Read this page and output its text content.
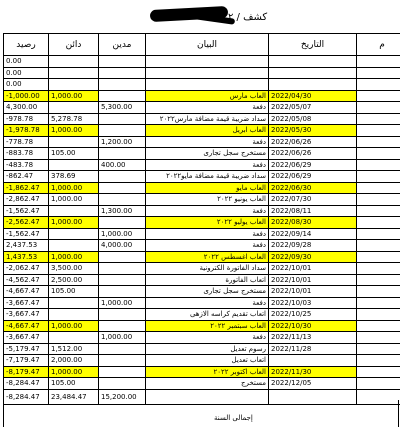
كشف / ٢
رصيد	دائن	مدين	البيان	التاريخ	م
0.00					
0.00					
0.00					
-1,000.00	1,000.00		العاب مارس	2022/04/30	
4,300.00		5,300.00	دفعة	2022/05/07	
-978.78	5,278.78		سداد ضريبة قيمة مضافة مارس٢٠٢٢	2022/05/08	
-1,978.78	1,000.00		العاب ابريل	2022/05/30	
-778.78		1,200.00	دفعة	2022/06/26	
-883.78	105.00		مستخرج سجل تجارى	2022/06/26	
-483.78		400.00	دفعة	2022/06/29	
-862.47	378.69		سداد ضريبة قيمة مضافة مايو٢٠٢٢	2022/06/29	
-1,862.47	1,000.00		العاب مايو	2022/06/30	
-2,862.47	1,000.00		العاب يونيو ٢٠٢٢	2022/07/30	
-1,562.47		1,300.00	دفعة	2022/08/11	
-2,562.47	1,000.00		العاب يوليو ٢٠٢٢	2022/08/30	
-1,562.47		1,000.00	دفعة	2022/09/14	
2,437.53		4,000.00	دفعة	2022/09/28	
1,437.53	1,000.00		العاب اغسطس ٢٠٢٢	2022/09/30	
-2,062.47	3,500.00		سداد الفاتورة الكترونية	2022/10/01	
-4,562.47	2,500.00		اتعاب الفاتورة	2022/10/01	
-4,667.47	105.00		مستخرج سجل تجارى	2022/10/01	
-3,667.47		1,000.00	دفعة	2022/10/03	
-3,667.47			اتعاب تقديم كراسه الازهى	2022/10/25	
-4,667.47	1,000.00		العاب سبتمبر ٢٠٢٢	2022/10/30	
-3,667.47		1,000.00	دفعة	2022/11/13	
-5,179.47	1,512.00		رسوم تعديل	2022/11/28	
-7,179.47	2,000.00		اتعاب تعديل		
-8,179.47	1,000.00		العاب اكتوبر ٢٠٢٢	2022/11/30	
-8,284.47	105.00		مستخرج	2022/12/05	
-8,284.47	23,484.47	15,200.00			
إجمالى السنة
